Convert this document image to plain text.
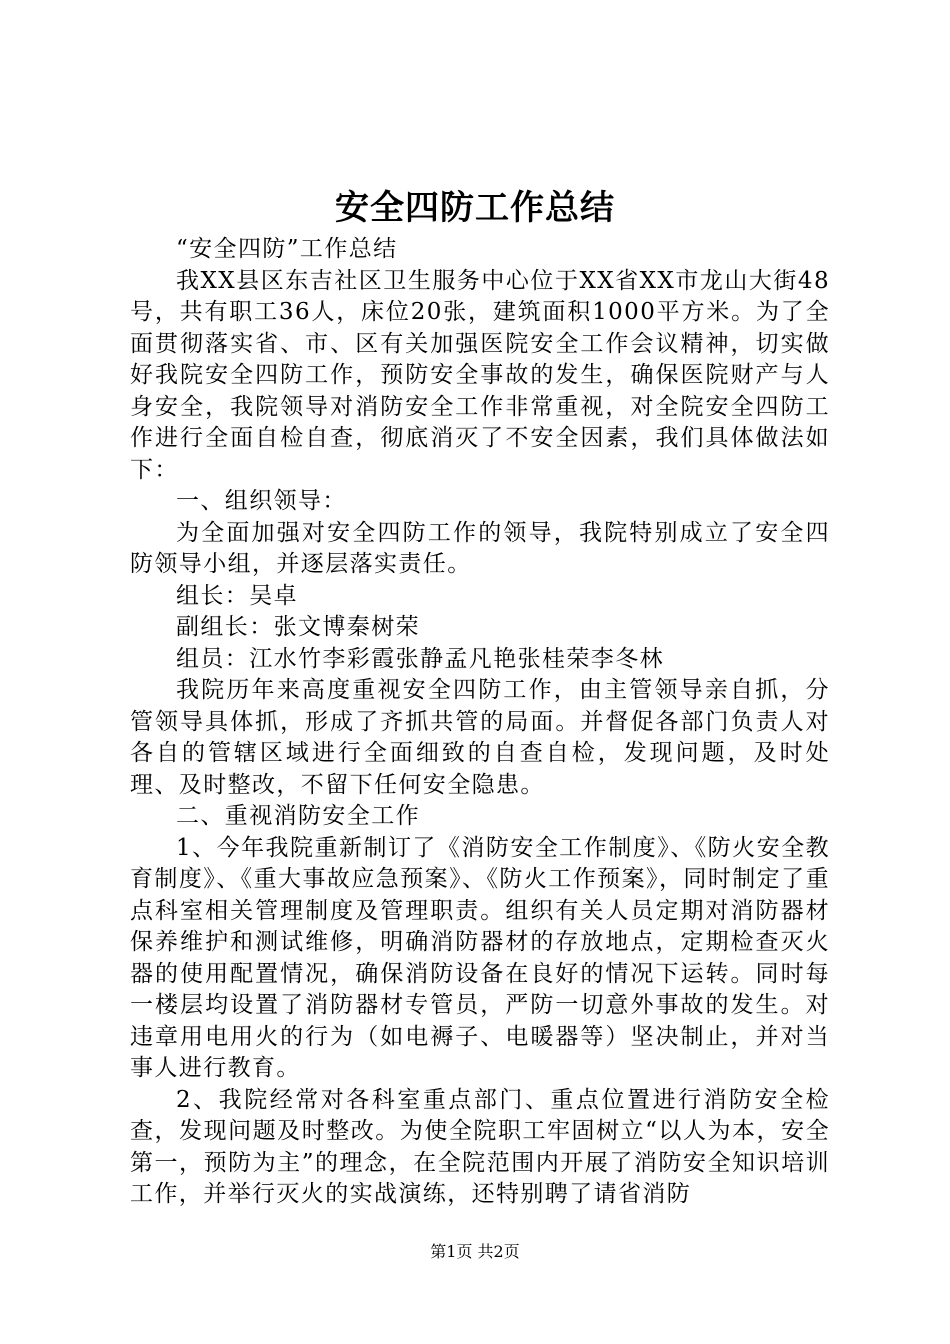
安全四防工作总结

“安全四防”工作总结

我XX县区东吉社区卫生服务中心位于XX省XX市龙山大街48号，共有职工36人，床位20张，建筑面积1000平方米。为了全面贯彻落实省、市、区有关加强医院安全工作会议精神，切实做好我院安全四防工作，预防安全事故的发生，确保医院财产与人身安全，我院领导对消防安全工作非常重视，对全院安全四防工作进行全面自检自查，彻底消灭了不安全因素，我们具体做法如下：

一、组织领导：

为全面加强对安全四防工作的领导，我院特别成立了安全四防领导小组，并逐层落实责任。

组长：吴卓

副组长：张文博秦树荣

组员：江水竹李彩霞张静孟凡艳张桂荣李冬林

我院历年来高度重视安全四防工作，由主管领导亲自抓，分管领导具体抓，形成了齐抓共管的局面。并督促各部门负责人对各自的管辖区域进行全面细致的自查自检，发现问题，及时处理、及时整改，不留下任何安全隐患。

二、重视消防安全工作

1、今年我院重新制订了《消防安全工作制度》、《防火安全教育制度》、《重大事故应急预案》、《防火工作预案》，同时制定了重点科室相关管理制度及管理职责。组织有关人员定期对消防器材保养维护和测试维修，明确消防器材的存放地点，定期检查灭火器的使用配置情况，确保消防设备在良好的情况下运转。同时每一楼层均设置了消防器材专管员，严防一切意外事故的发生。对违章用电用火的行为（如电褥子、电暖器等）坚决制止，并对当事人进行教育。

2、我院经常对各科室重点部门、重点位置进行消防安全检查，发现问题及时整改。为使全院职工牢固树立“以人为本，安全第一，预防为主”的理念，在全院范围内开展了消防安全知识培训工作，并举行灭火的实战演练，还特别聘了请省消防

第1页 共2页
